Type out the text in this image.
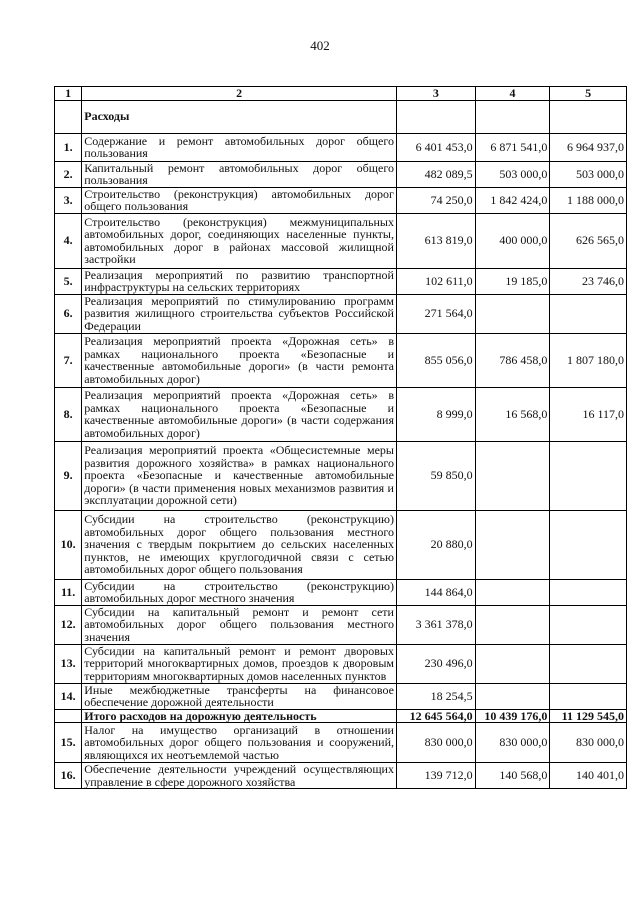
402
1	2	3	4	5
	Расходы			
1.	Содержание и ремонт автомобильных дорог общего пользования	6 401 453,0	6 871 541,0	6 964 937,0
2.	Капитальный ремонт автомобильных дорог общего пользования	482 089,5	503 000,0	503 000,0
3.	Строительство (реконструкция) автомобильных дорог общего пользования	74 250,0	1 842 424,0	1 188 000,0
4.	Строительство (реконструкция) межмуниципальных автомобильных дорог, соединяющих населенные пункты, автомобильных дорог в районах массовой жилищной застройки	613 819,0	400 000,0	626 565,0
5.	Реализация мероприятий по развитию транспортной инфраструктуры на сельских территориях	102 611,0	19 185,0	23 746,0
6.	Реализация мероприятий по стимулированию программ развития жилищного строительства субъектов Российской Федерации	271 564,0		
7.	Реализация мероприятий проекта «Дорожная сеть» в рамках национального проекта «Безопасные и качественные автомобильные дороги» (в части ремонта автомобильных дорог)	855 056,0	786 458,0	1 807 180,0
8.	Реализация мероприятий проекта «Дорожная сеть» в рамках национального проекта «Безопасные и качественные автомобильные дороги» (в части содержания автомобильных дорог)	8 999,0	16 568,0	16 117,0
9.	Реализация мероприятий проекта «Общесистемные меры развития дорожного хозяйства» в рамках национального проекта «Безопасные и качественные автомобильные дороги» (в части применения новых механизмов развития и эксплуатации дорожной сети)	59 850,0		
10.	Субсидии на строительство (реконструкцию) автомобильных дорог общего пользования местного значения с твердым покрытием до сельских населенных пунктов, не имеющих круглогодичной связи с сетью автомобильных дорог общего пользования	20 880,0		
11.	Субсидии на строительство (реконструкцию) автомобильных дорог местного значения	144 864,0		
12.	Субсидии на капитальный ремонт и ремонт сети автомобильных дорог общего пользования местного значения	3 361 378,0		
13.	Субсидии на капитальный ремонт и ремонт дворовых территорий многоквартирных домов, проездов к дворовым территориям многоквартирных домов населенных пунктов	230 496,0		
14.	Иные межбюджетные трансферты на финансовое обеспечение дорожной деятельности	18 254,5		
	Итого расходов на дорожную деятельность	12 645 564,0	10 439 176,0	11 129 545,0
15.	Налог на имущество организаций в отношении автомобильных дорог общего пользования и сооружений, являющихся их неотъемлемой частью	830 000,0	830 000,0	830 000,0
16.	Обеспечение деятельности учреждений осуществляющих управление в сфере дорожного хозяйства	139 712,0	140 568,0	140 401,0
